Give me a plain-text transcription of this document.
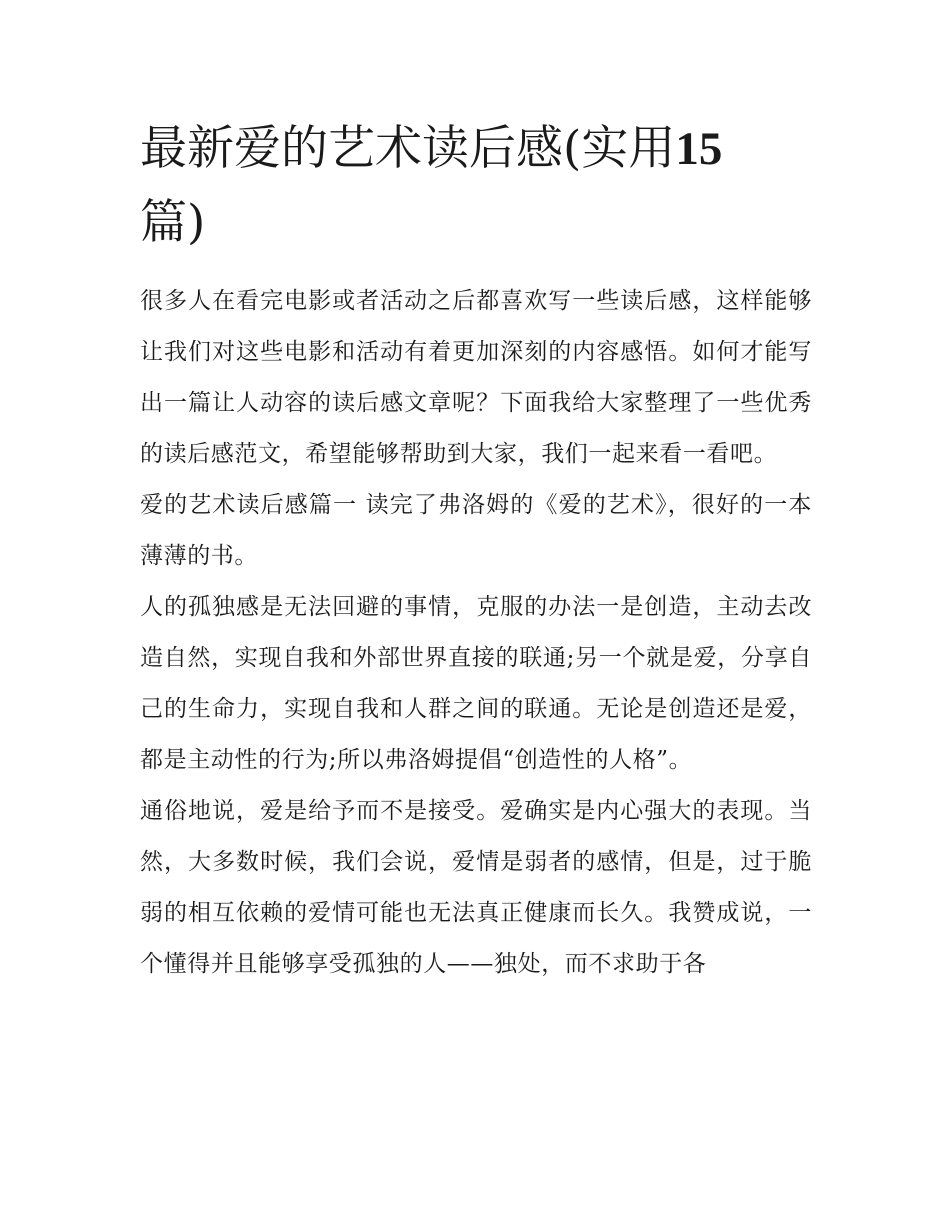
最新爱的艺术读后感(实用15
篇)

很多人在看完电影或者活动之后都喜欢写一些读后感，这样能够让我们对这些电影和活动有着更加深刻的内容感悟。如何才能写出一篇让人动容的读后感文章呢？下面我给大家整理了一些优秀的读后感范文，希望能够帮助到大家，我们一起来看一看吧。

爱的艺术读后感篇一 读完了弗洛姆的《爱的艺术》，很好的一本薄薄的书。

人的孤独感是无法回避的事情，克服的办法一是创造，主动去改造自然，实现自我和外部世界直接的联通;另一个就是爱，分享自己的生命力，实现自我和人群之间的联通。无论是创造还是爱，都是主动性的行为;所以弗洛姆提倡“创造性的人格”。

通俗地说，爱是给予而不是接受。爱确实是内心强大的表现。当然，大多数时候，我们会说，爱情是弱者的感情，但是，过于脆弱的相互依赖的爱情可能也无法真正健康而长久。我赞成说，一个懂得并且能够享受孤独的人——独处，而不求助于各
